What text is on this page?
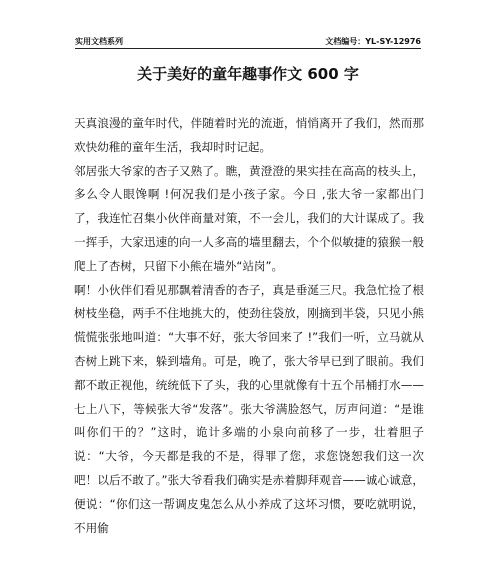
实用文档系列	文档编号：YL-SY-12976
关于美好的童年趣事作文 600 字

天真浪漫的童年时代，伴随着时光的流逝，悄悄离开了我们，然而那欢快幼稚的童年生活，我却时时记起。

邻居张大爷家的杏子又熟了。瞧，黄澄澄的果实挂在高高的枝头上，多么令人眼馋啊 !何况我们是小孩子家。今日 ,张大爷一家都出门了，我连忙召集小伙伴商量对策，不一会儿，我们的大计谋成了。我一挥手，大家迅速的向一人多高的墙里翻去，个个似敏捷的猿猴一般爬上了杏树，只留下小熊在墙外“站岗”。

啊！小伙伴们看见那飘着清香的杏子，真是垂涎三尺。我急忙捡了根树枝坐稳，两手不住地挑大的，使劲往袋放，刚摘到半袋，只见小熊慌慌张张地叫道：“大事不好，张大爷回来了 !”我们一听，立马就从杏树上跳下来，躲到墙角。可是，晚了，张大爷早已到了眼前。我们都不敢正视他，统统低下了头，我的心里就像有十五个吊桶打水——七上八下，等候张大爷“发落”。张大爷满脸怒气，厉声问道：“是谁叫你们干的？”这时，诡计多端的小泉向前移了一步，壮着胆子说：“大爷，今天都是我的不是，得罪了您，求您饶恕我们这一次吧！以后不敢了。”张大爷看我们确实是赤着脚拜观音——诚心诚意，便说：“你们这一帮调皮鬼怎么从小养成了这坏习惯，要吃就明说，不用偷
